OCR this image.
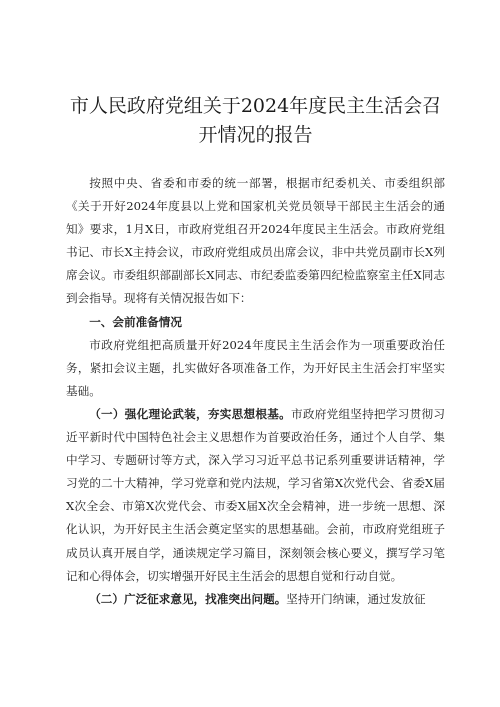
市人民政府党组关于2024年度民主生活会召
开情况的报告

按照中央、省委和市委的统一部署，根据市纪委机关、市委组织部《关于开好2024年度县以上党和国家机关党员领导干部民主生活会的通知》要求，1月X日，市政府党组召开2024年度民主生活会。市政府党组书记、市长X主持会议，市政府党组成员出席会议，非中共党员副市长X列席会议。市委组织部副部长X同志、市纪委监委第四纪检监察室主任X同志到会指导。现将有关情况报告如下：

一、会前准备情况

市政府党组把高质量开好2024年度民主生活会作为一项重要政治任务，紧扣会议主题，扎实做好各项准备工作，为开好民主生活会打牢坚实基础。

（一）强化理论武装，夯实思想根基。市政府党组坚持把学习贯彻习近平新时代中国特色社会主义思想作为首要政治任务，通过个人自学、集中学习、专题研讨等方式，深入学习习近平总书记系列重要讲话精神，学习党的二十大精神，学习党章和党内法规，学习省第X次党代会、省委X届X次全会、市第X次党代会、市委X届X次全会精神，进一步统一思想、深化认识，为开好民主生活会奠定坚实的思想基础。会前，市政府党组班子成员认真开展自学，通读规定学习篇目，深刻领会核心要义，撰写学习笔记和心得体会，切实增强开好民主生活会的思想自觉和行动自觉。

（二）广泛征求意见，找准突出问题。坚持开门纳谏，通过发放征
